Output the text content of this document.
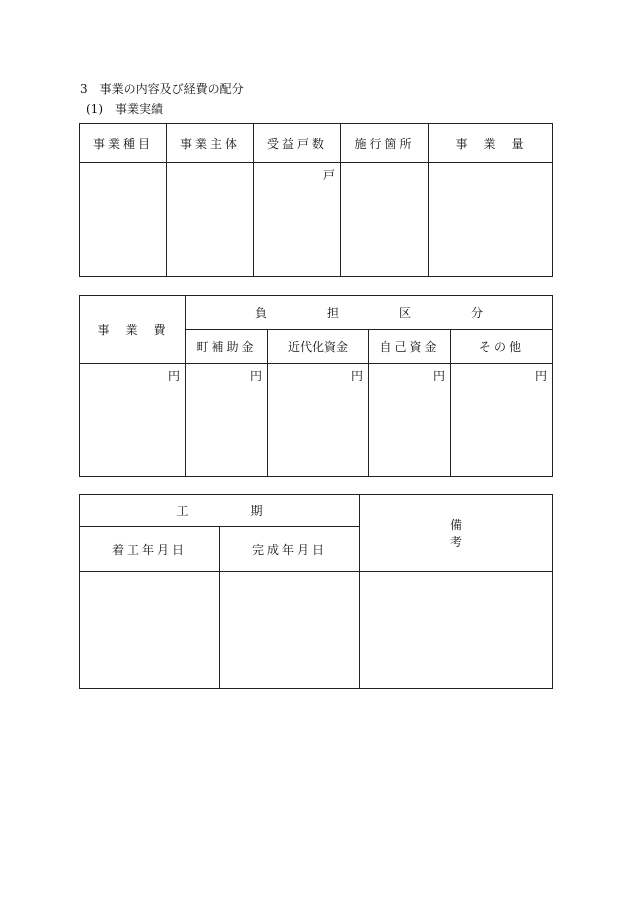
3　事業の内容及び経費の配分
(1)　事業実績
事業種目	事業主体	受益戸数	施行箇所	事　業　量
		戸		
事　業　費	負担区分			
	町補助金	近代化資金	自己資金	その他
円	円	円	円	円
工期		備考
着工年月日	完成年月日	
